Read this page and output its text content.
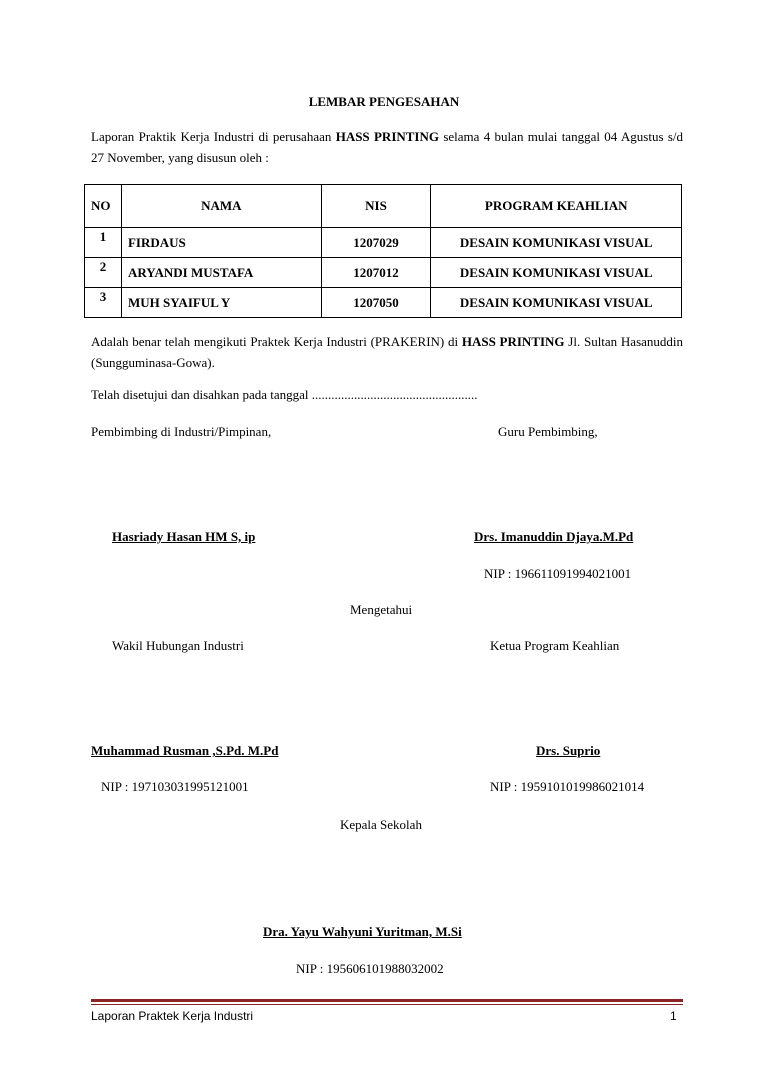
LEMBAR PENGESAHAN
Laporan Praktik Kerja Industri di perusahaan HASS PRINTING selama 4 bulan mulai tanggal 04 Agustus s/d 27 November, yang disusun oleh :
NO	NAMA	NIS	PROGRAM KEAHLIAN
1	FIRDAUS	1207029	DESAIN KOMUNIKASI VISUAL
2	ARYANDI MUSTAFA	1207012	DESAIN KOMUNIKASI VISUAL
3	MUH SYAIFUL Y	1207050	DESAIN KOMUNIKASI VISUAL
Adalah benar telah mengikuti Praktek Kerja Industri (PRAKERIN) di HASS PRINTING Jl. Sultan Hasanuddin (Sungguminasa-Gowa).
Telah disetujui dan disahkan pada tanggal ...................................................
Pembimbing di Industri/Pimpinan,	Guru Pembimbing,
Hasriady Hasan HM S, ip	Drs. Imanuddin Djaya.M.Pd
NIP : 196611091994021001
Mengetahui
Wakil Hubungan Industri	Ketua Program Keahlian
Muhammad Rusman ,S.Pd. M.Pd	Drs. Suprio
NIP : 197103031995121001	NIP : 1959101019986021014
Kepala Sekolah
Dra. Yayu Wahyuni Yuritman, M.Si
NIP : 195606101988032002
Laporan Praktek Kerja Industri	1
